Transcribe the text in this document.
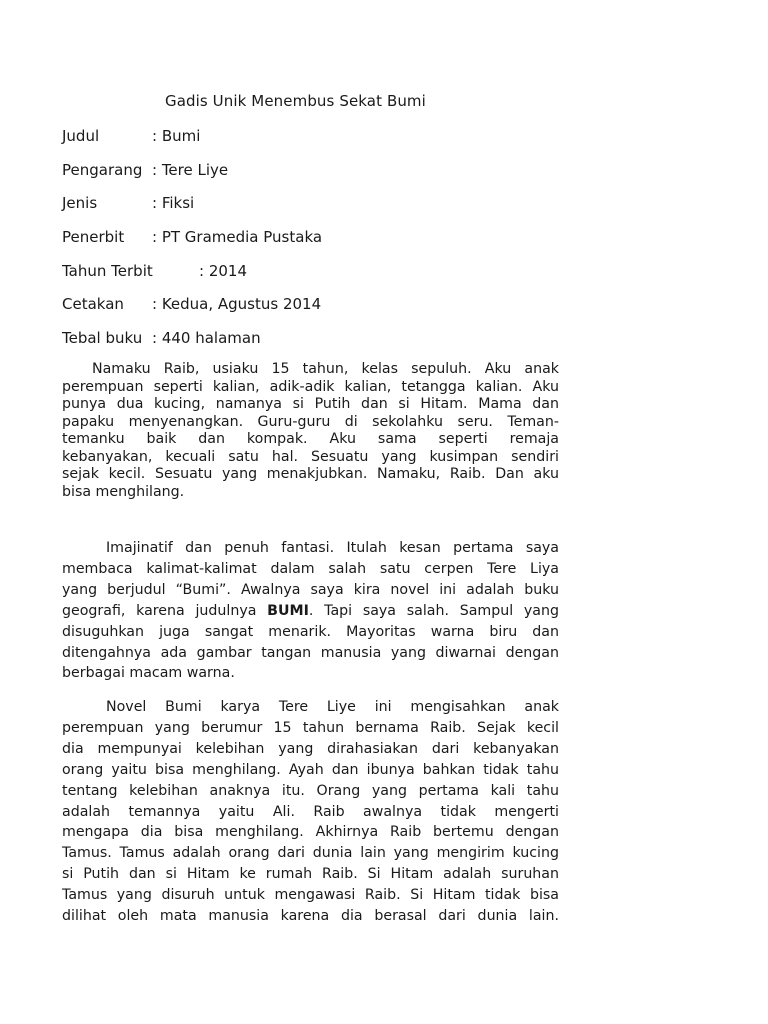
Gadis Unik Menembus Sekat Bumi
Judul	: Bumi
Pengarang : Tere Liye
Jenis	: Fiksi
Penerbit : PT Gramedia Pustaka
Tahun Terbit	: 2014
Cetakan : Kedua, Agustus 2014
Tebal buku : 440 halaman

Namaku Raib, usiaku 15 tahun, kelas sepuluh. Aku anak
perempuan seperti kalian, adik-adik kalian, tetangga kalian. Aku
punya dua kucing, namanya si Putih dan si Hitam. Mama dan
papaku menyenangkan. Guru-guru di sekolahku seru. Teman-
temanku baik dan kompak. Aku sama seperti remaja
kebanyakan, kecuali satu hal. Sesuatu yang kusimpan sendiri
sejak kecil. Sesuatu yang menakjubkan. Namaku, Raib. Dan aku
bisa menghilang.

Imajinatif dan penuh fantasi. Itulah kesan pertama saya
membaca kalimat-kalimat dalam salah satu cerpen Tere Liya
yang berjudul “Bumi”. Awalnya saya kira novel ini adalah buku
geografi, karena judulnya BUMI. Tapi saya salah. Sampul yang
disuguhkan juga sangat menarik. Mayoritas warna biru dan
ditengahnya ada gambar tangan manusia yang diwarnai dengan
berbagai macam warna.

Novel Bumi karya Tere Liye ini mengisahkan anak
perempuan yang berumur 15 tahun bernama Raib. Sejak kecil
dia mempunyai kelebihan yang dirahasiakan dari kebanyakan
orang yaitu bisa menghilang. Ayah dan ibunya bahkan tidak tahu
tentang kelebihan anaknya itu. Orang yang pertama kali tahu
adalah temannya yaitu Ali. Raib awalnya tidak mengerti
mengapa dia bisa menghilang. Akhirnya Raib bertemu dengan
Tamus. Tamus adalah orang dari dunia lain yang mengirim kucing
si Putih dan si Hitam ke rumah Raib. Si Hitam adalah suruhan
Tamus yang disuruh untuk mengawasi Raib. Si Hitam tidak bisa
dilihat oleh mata manusia karena dia berasal dari dunia lain.
